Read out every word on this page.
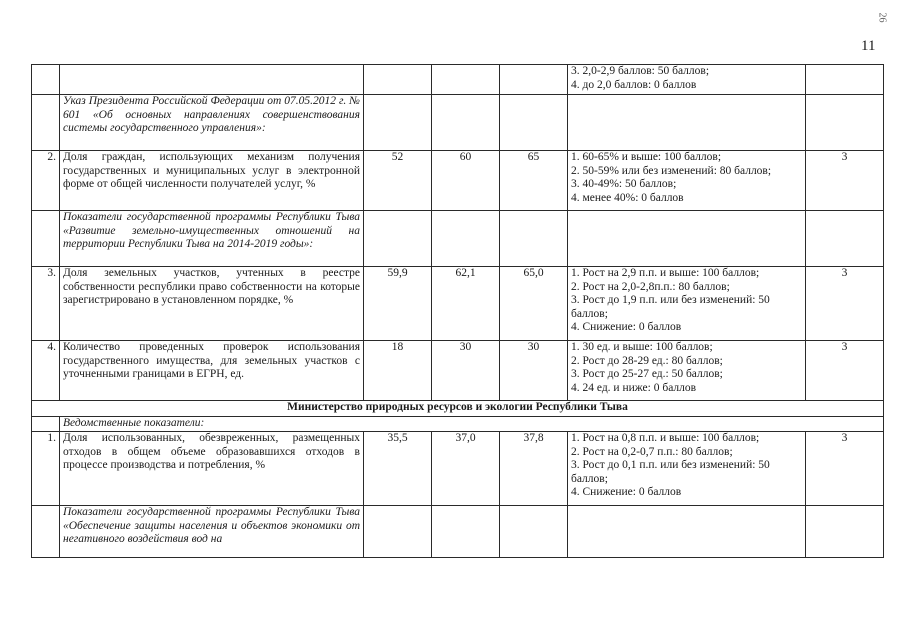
26
11

					3. 2,0-2,9 баллов: 50 баллов;
4. до 2,0 баллов: 0 баллов	

	Указ Президента Российской Федерации от 07.05.2012 г. № 601 «Об основных направлениях совершенствования системы государственного управления»:					
2.	Доля граждан, использующих механизм получения государственных и муниципальных услуг в электронной форме от общей численности получателей услуг, %	52	60	65	1. 60-65% и выше: 100 баллов;
2. 50-59% или без изменений: 80 баллов;
3. 40-49%: 50 баллов;
4. менее 40%: 0 баллов	3
	Показатели государственной программы Республики Тыва «Развитие земельно-имущественных отношений на территории Республики Тыва на 2014-2019 годы»:					
3.	Доля земельных участков, учтенных в реестре собственности республики право собственности на которые зарегистрировано в установленном порядке, %	59,9	62,1	65,0	1. Рост на 2,9 п.п. и выше: 100 баллов;
2. Рост на 2,0-2,8п.п.: 80 баллов;
3. Рост до 1,9 п.п. или без изменений: 50 баллов;
4. Снижение: 0 баллов	3
4.	Количество проведенных проверок использования государственного имущества, для земельных участков с уточненными границами в ЕГРН, ед.	18	30	30	1. 30 ед. и выше: 100 баллов;
2. Рост до 28-29 ед.: 80 баллов;
3. Рост до 25-27 ед.: 50 баллов;
4. 24 ед. и ниже: 0 баллов	3
Министерство природных ресурсов и экологии Республики Тыва						
	Ведомственные показатели:					
1.	Доля использованных, обезвреженных, размещенных отходов в общем объеме образовавшихся отходов в процессе производства и потребления, %	35,5	37,0	37,8	1. Рост на 0,8 п.п. и выше: 100 баллов;
2. Рост на 0,2-0,7 п.п.: 80 баллов;
3. Рост до 0,1 п.п. или без изменений: 50 баллов;
4. Снижение: 0 баллов	3
	Показатели государственной программы Республики Тыва «Обеспечение защиты населения и объектов экономики от негативного воздействия вод на					
